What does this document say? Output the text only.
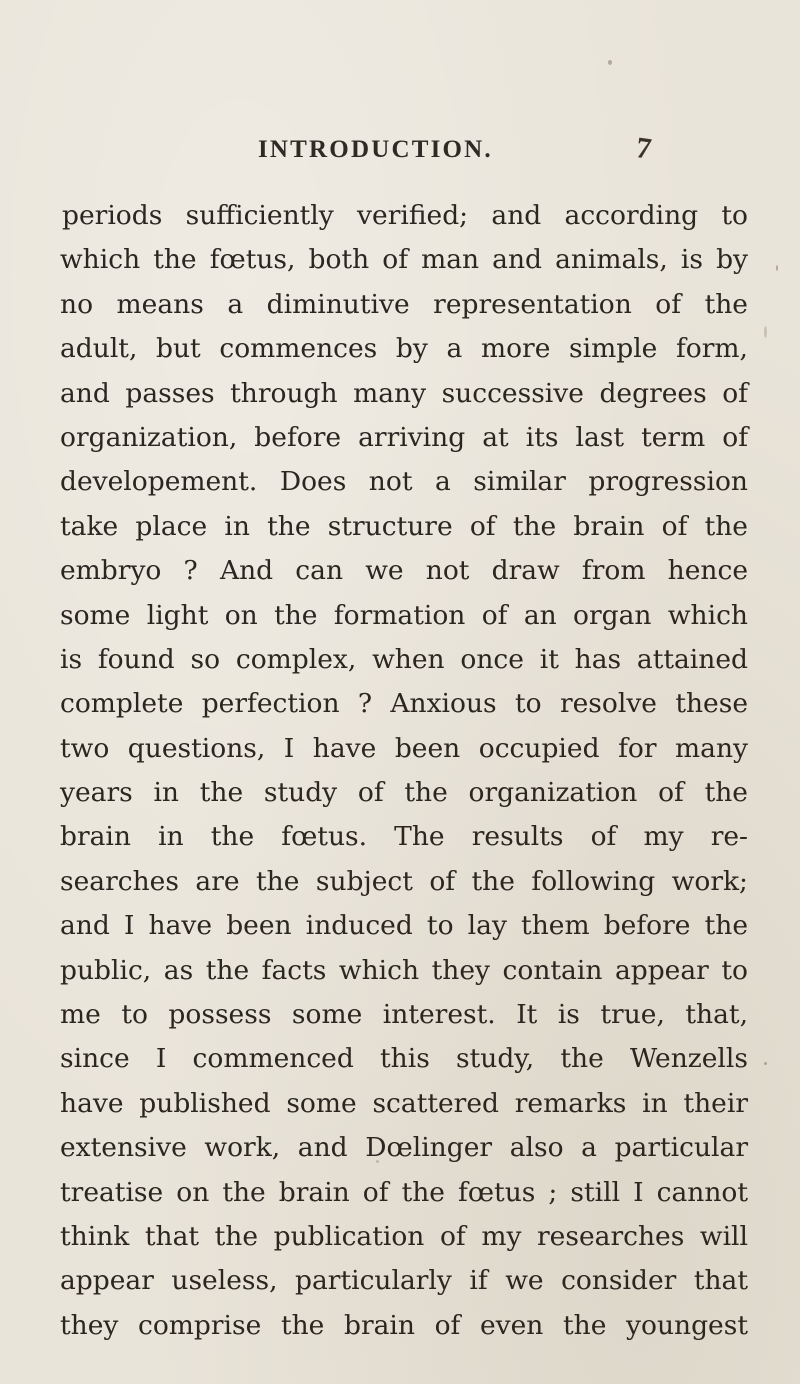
INTRODUCTION.	7
periods sufficiently verified; and according to
which the fœtus, both of man and animals, is by
no means a diminutive representation of the
adult, but commences by a more simple form,
and passes through many successive degrees of
organization, before arriving at its last term of
developement. Does not a similar progression
take place in the structure of the brain of the
embryo ? And can we not draw from hence
some light on the formation of an organ which
is found so complex, when once it has attained
complete perfection ? Anxious to resolve these
two questions, I have been occupied for many
years in the study of the organization of the
brain in the fœtus. The results of my re-
searches are the subject of the following work;
and I have been induced to lay them before the
public, as the facts which they contain appear to
me to possess some interest. It is true, that,
since I commenced this study, the Wenzells
have published some scattered remarks in their
extensive work, and Dœlinger also a particular
treatise on the brain of the fœtus ; still I cannot
think that the publication of my researches will
appear useless, particularly if we consider that
they comprise the brain of even the youngest
